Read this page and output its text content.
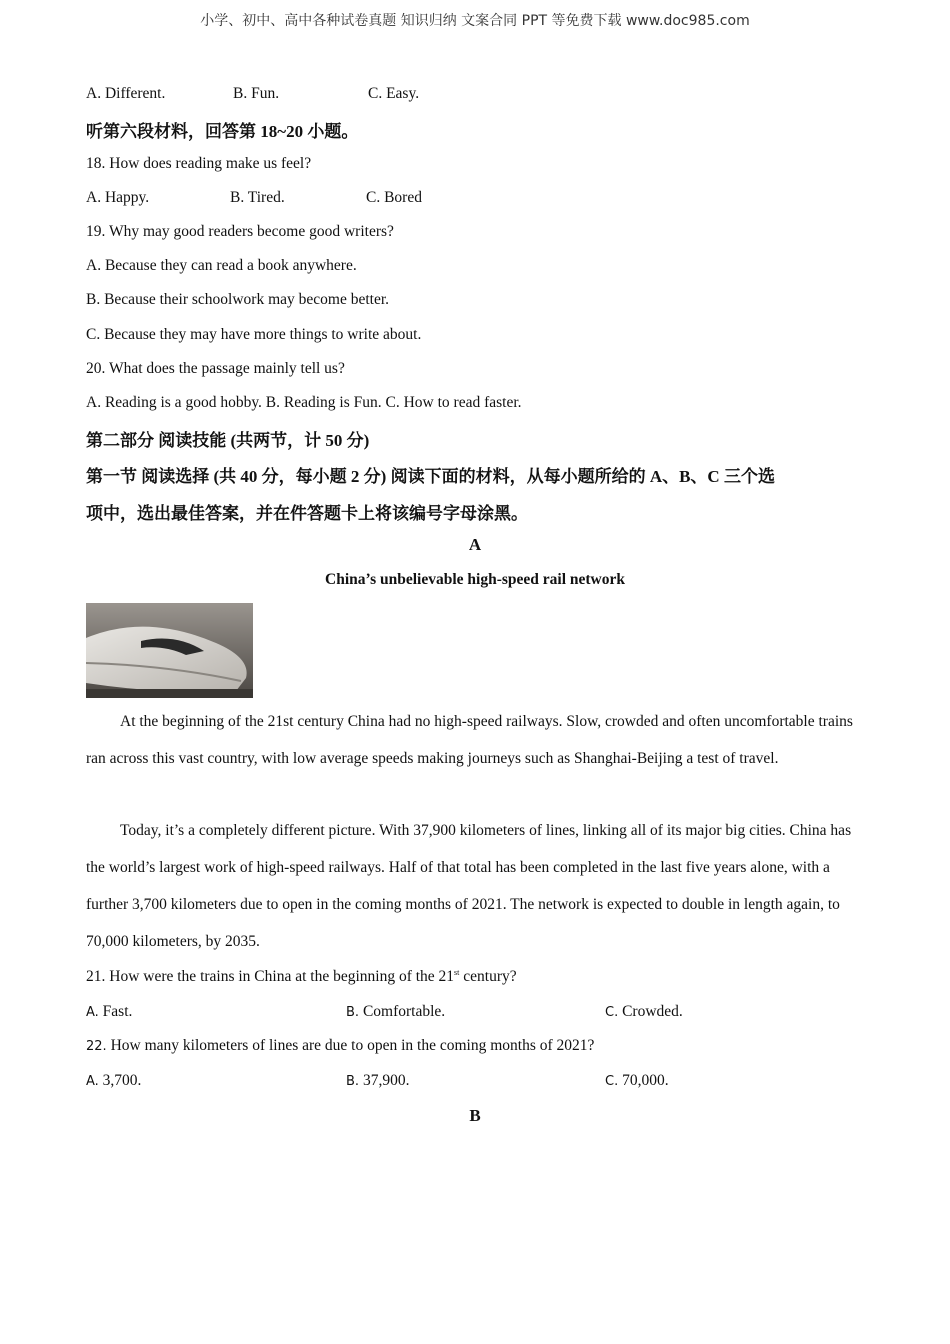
小学、初中、高中各种试卷真题 知识归纳 文案合同 PPT 等免费下载 www.doc985.com
A. Different.	B. Fun.	C. Easy.
听第六段材料，回答第 18~20 小题。
18. How does reading make us feel?
A. Happy.	B. Tired.	C. Bored
19. Why may good readers become good writers?
A. Because they can read a book anywhere.
B. Because their schoolwork may become better.
C. Because they may have more things to write about.
20. What does the passage mainly tell us?
A. Reading is a good hobby. B. Reading is Fun. C. How to read faster.
第二部分 阅读技能 (共两节，计 50 分)
第一节 阅读选择 (共 40 分，每小题 2 分) 阅读下面的材料，从每小题所给的 A、B、C 三个选
项中，选出最佳答案，并在件答题卡上将该编号字母涂黑。
A
China’s unbelievable high-speed rail network

At the beginning of the 21st century China had no high-speed railways. Slow, crowded and often uncomfortable trains ran across this vast country, with low average speeds making journeys such as Shanghai-Beijing a test of travel.

Today, it’s a completely different picture. With 37,900 kilometers of lines, linking all of its major big cities. China has the world’s largest work of high-speed railways. Half of that total has been completed in the last five years alone, with a further 3,700 kilometers due to open in the coming months of 2021. The network is expected to double in length again, to 70,000 kilometers, by 2035.

21. How were the trains in China at the beginning of the 21st century?
A. Fast.	B. Comfortable.	C. Crowded.
22. How many kilometers of lines are due to open in the coming months of 2021?
A. 3,700.	B. 37,900.	C. 70,000.
B
